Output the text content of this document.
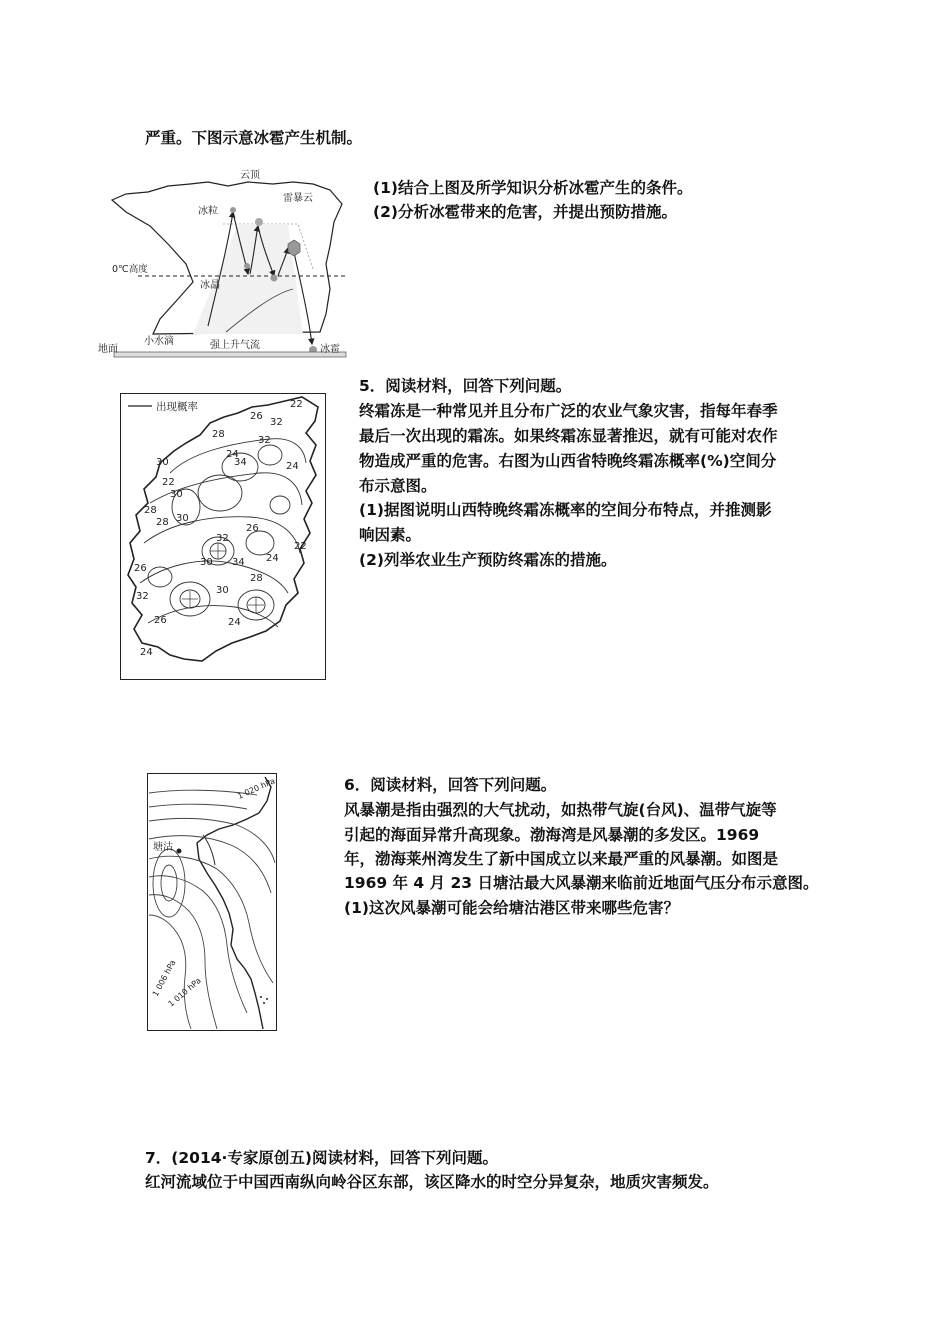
严重。下图示意冰雹产生机制。
云顶
雷暴云
冰粒
0℃高度
冰晶
小水滴	强上升气流	冰雹
地面
(1)结合上图及所学知识分析冰雹产生的条件。
(2)分析冰雹带来的危害，并提出预防措施。
出现概率	22
26
32
30
28
24
34
32
24
22
30
28
30
28
32
26
24
34
22
30
28
26
30
24
24
26
32
5．阅读材料，回答下列问题。
终霜冻是一种常见并且分布广泛的农业气象灾害，指每年春季
最后一次出现的霜冻。如果终霜冻显著推迟，就有可能对农作
物造成严重的危害。右图为山西省特晚终霜冻概率(%)空间分
布示意图。
(1)据图说明山西特晚终霜冻概率的空间分布特点，并推测影
响因素。
(2)列举农业生产预防终霜冻的措施。
塘沽
1 020 hPa
1 006 hPa
1 010 hPa
6．阅读材料，回答下列问题。
风暴潮是指由强烈的大气扰动，如热带气旋(台风)、温带气旋等
引起的海面异常升高现象。渤海湾是风暴潮的多发区。1969
年，渤海莱州湾发生了新中国成立以来最严重的风暴潮。如图是
1969 年 4 月 23 日塘沽最大风暴潮来临前近地面气压分布示意图。
(1)这次风暴潮可能会给塘沽港区带来哪些危害？
7．(2014·专家原创五)阅读材料，回答下列问题。
红河流域位于中国西南纵向岭谷区东部，该区降水的时空分异复杂，地质灾害频发。
